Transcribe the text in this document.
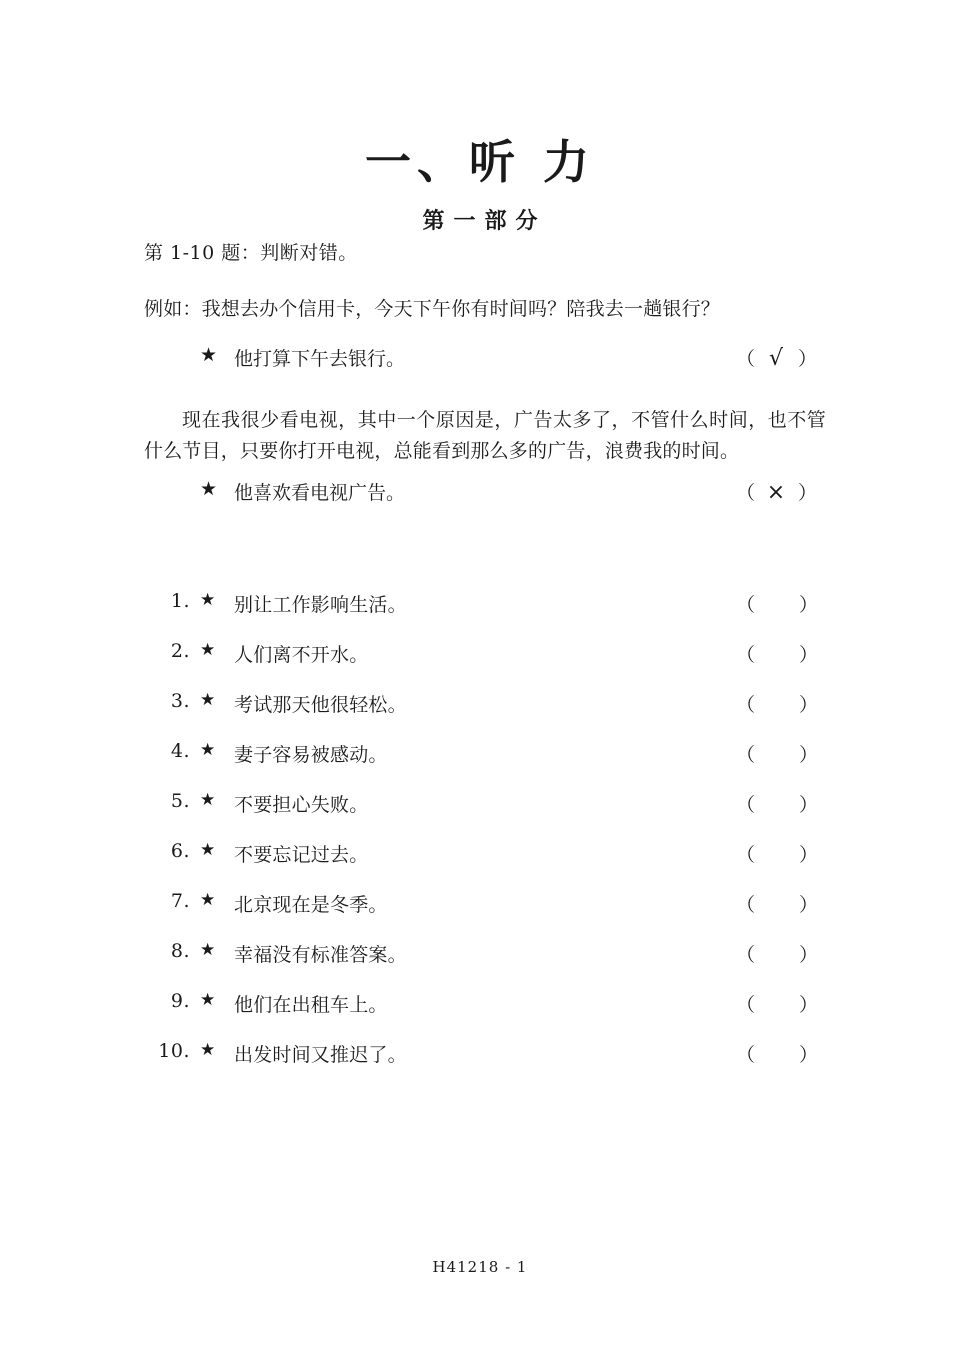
一、听 力
第一部分
第 1-10 题：判断对错。
例如：我想去办个信用卡，今天下午你有时间吗？陪我去一趟银行？
★ 他打算下午去银行。	（ √ ）
现在我很少看电视，其中一个原因是，广告太多了，不管什么时间，也不管什么节目，只要你打开电视，总能看到那么多的广告，浪费我的时间。
★ 他喜欢看电视广告。	（ × ）
1. ★ 别让工作影响生活。	（ ）
2. ★ 人们离不开水。	（ ）
3. ★ 考试那天他很轻松。	（ ）
4. ★ 妻子容易被感动。	（ ）
5. ★ 不要担心失败。	（ ）
6. ★ 不要忘记过去。	（ ）
7. ★ 北京现在是冬季。	（ ）
8. ★ 幸福没有标准答案。	（ ）
9. ★ 他们在出租车上。	（ ）
10. ★ 出发时间又推迟了。	（ ）
H41218 - 1
